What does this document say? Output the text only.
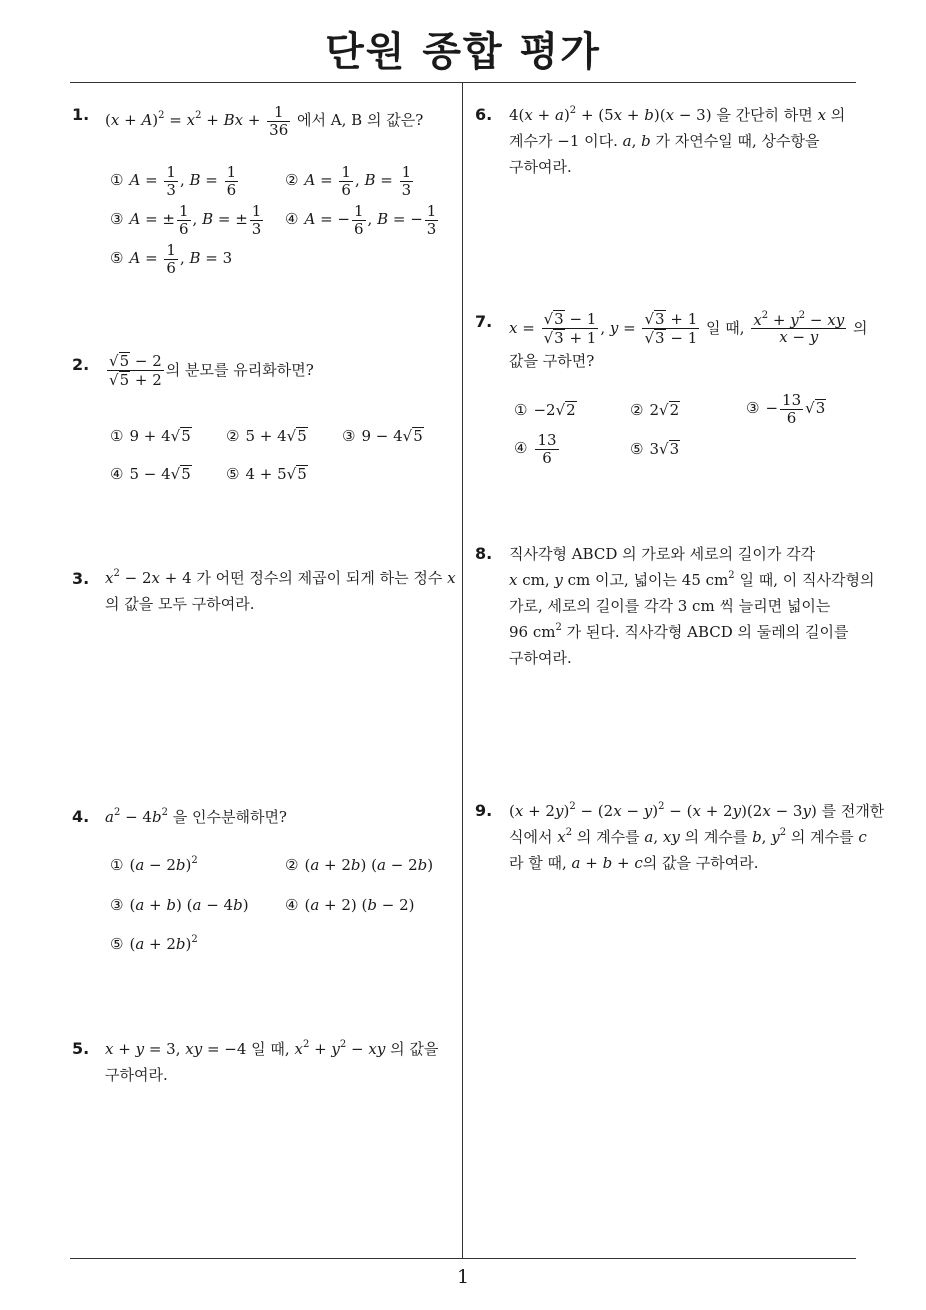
단원 종합 평가
1
1. $(x + A)^2 = x^2 + Bx + \frac{1}{36}$ 에서 A, B 의 값은?
① $A = \frac{1}{3}$ , $B = \frac{1}{6}$	② $A = \frac{1}{6}$ , $B = \frac{1}{3}$
③ A = ± $\frac{1}{6}$ , B = ± $\frac{1}{3}$ ④ A = − $\frac{1}{6}$ , B = − $\frac{1}{3}$
⑤ $A = \frac{1}{6}$ , B = 3
2. $\frac{√5 - 2}{√5 + 2}$ 의 분모를 유리화하면?
① 9 + 4√5 ② 5 + 4√5 ③ 9 − 4√5
④ 5 − 4√5 ⑤ 4 + 5√5
3. $x^2 - 2x + 4$ 가 어떤 정수의 제곱이 되게 하는 정수 x
의 값을 모두 구하여라.
4. $a^2 - 4b^2$ 을 인수분해하면?
① $(a - 2b)^2$	② (a + 2b) (a − 2b)
③ (a + b) (a − 4b) ④ (a + 2) (b − 2)
⑤ $(a + 2b)^2$
5. x + y = 3, xy = −4 일 때, $x^2 + y^2$ − xy 의 값을
구하여라.
6. $4(x + a)^2 + (5x + b)(x - 3)$ 을 간단히 하면 x 의
계수가 −1 이다. a, b 가 자연수일 때, 상수항을
구하여라.
7. $x = \frac{√3 - 1}{√3 + 1}$ , $y = \frac{√3 + 1}{√3 - 1}$ 일 때, $\frac{x^2 + y^2 - xy}{x - y}$ 의
값을 구하면?
① −2√2	② 2√2	③ − $\frac{13}{6} √3$
④ $\frac{13}{6}$	⑤ 3√3
8. 직사각형 ABCD 의 가로와 세로의 길이가 각각
x cm, y cm 이고, 넓이는 45 $cm^2$ 일 때, 이 직사각형의
가로, 세로의 길이를 각각 3 cm 씩 늘리면 넓이는
96 $cm^2$ 가 된다. 직사각형 ABCD 의 둘레의 길이를
구하여라.
9. $(x + 2y)^2 - (2x - y)^2 - (x + 2y)(2x - 3y)$ 를 전개한
식에서 $x^2$ 의 계수를 a, xy 의 계수를 b, $y^2$ 의 계수를 c
라 할 때, a + b + c의 값을 구하여라.
